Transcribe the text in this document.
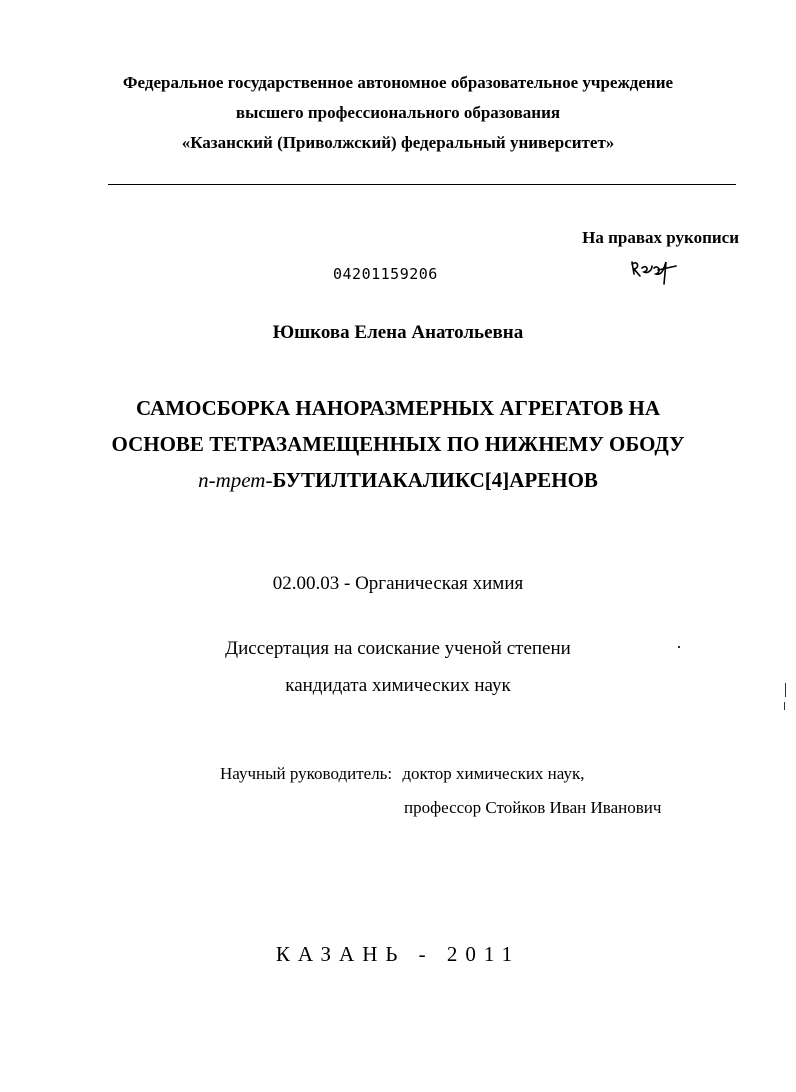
Федеральное государственное автономное образовательное учреждение
высшего профессионального образования
«Казанский (Приволжский) федеральный университет»
На правах рукописи
04201159206
Юшкова Елена Анатольевна
САМОСБОРКА НАНОРАЗМЕРНЫХ АГРЕГАТОВ НА
ОСНОВЕ ТЕТРАЗАМЕЩЕННЫХ ПО НИЖНЕМУ ОБОДУ
п-трет-БУТИЛТИАКАЛИКС[4]АРЕНОВ
02.00.03 - Органическая химия
Диссертация на соискание ученой степени
кандидата химических наук
Научный руководитель: доктор химических наук,
профессор Стойков Иван Иванович
КАЗАНЬ - 2011
